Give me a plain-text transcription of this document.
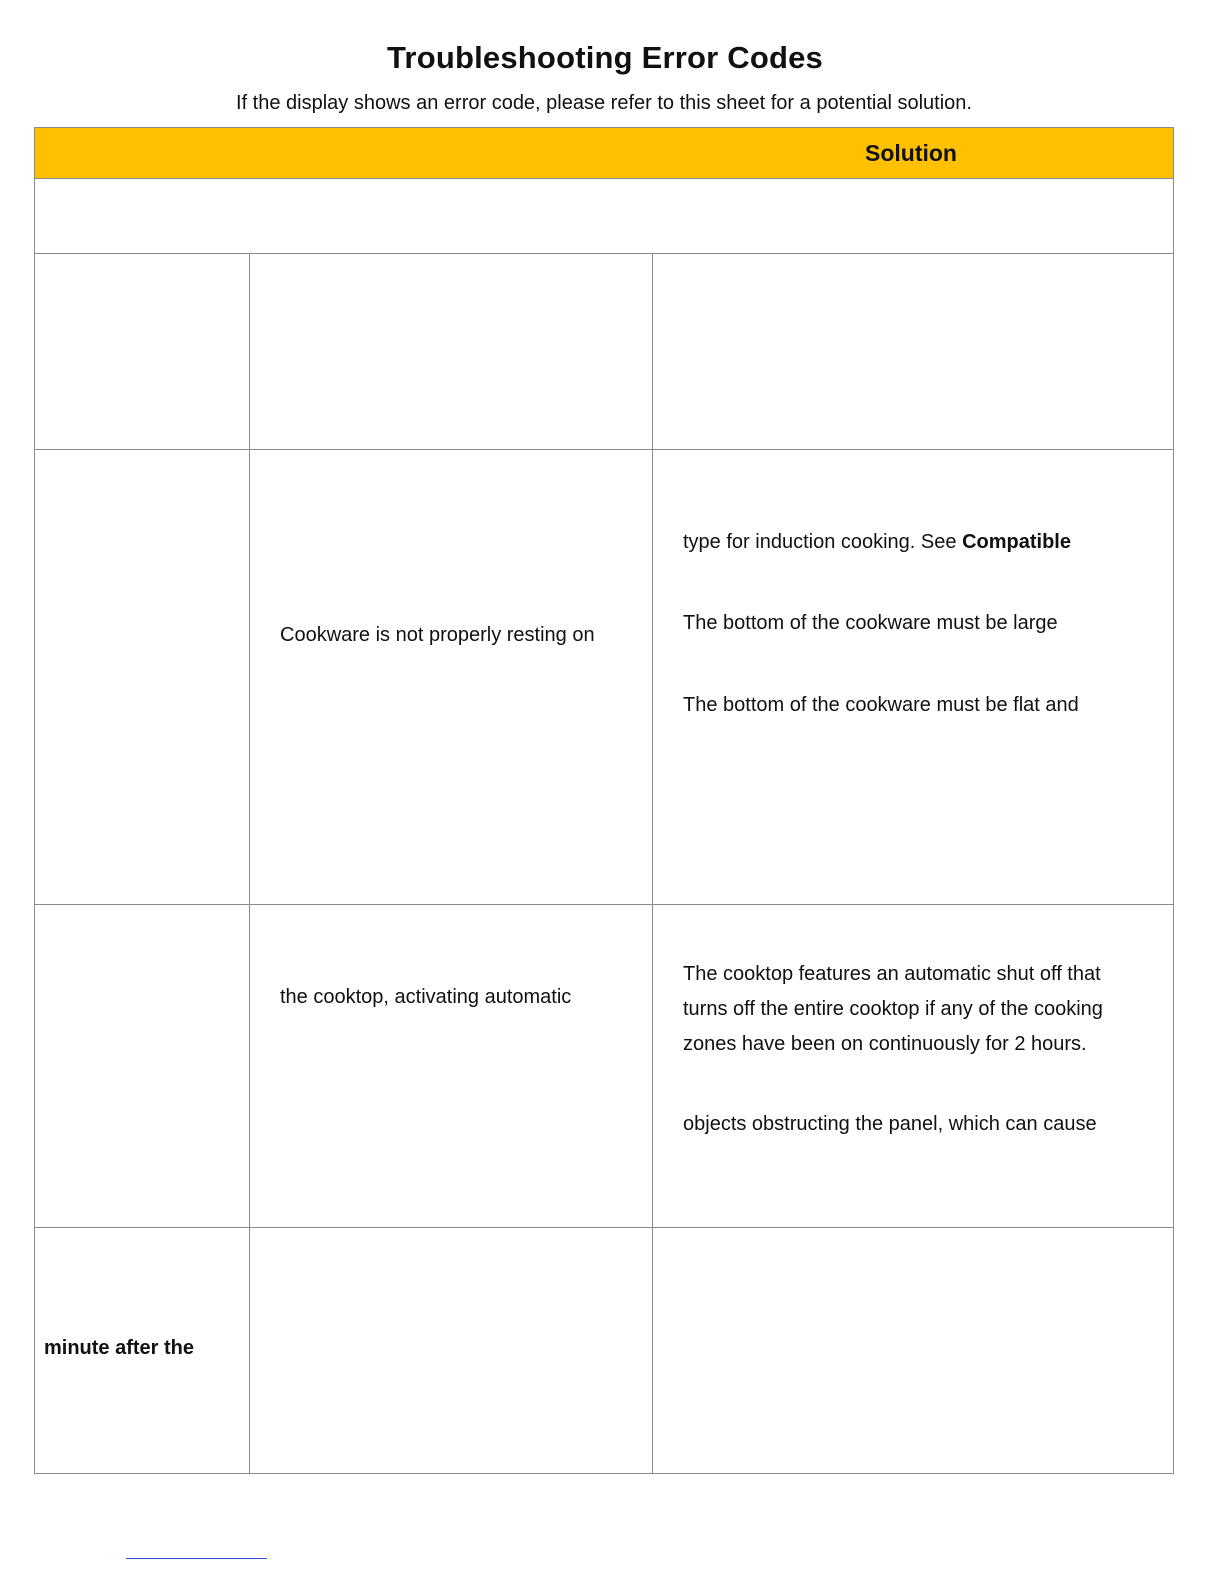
Troubleshooting Error Codes
If the display shows an error code, please refer to this sheet for a potential solution.
Solution
Cookware is not properly resting on
type for induction cooking. See Compatible
The bottom of the cookware must be large
The bottom of the cookware must be flat and
the cooktop, activating automatic
The cooktop features an automatic shut off that
turns off the entire cooktop if any of the cooking
zones have been on continuously for 2 hours.
objects obstructing the panel, which can cause
minute after the
